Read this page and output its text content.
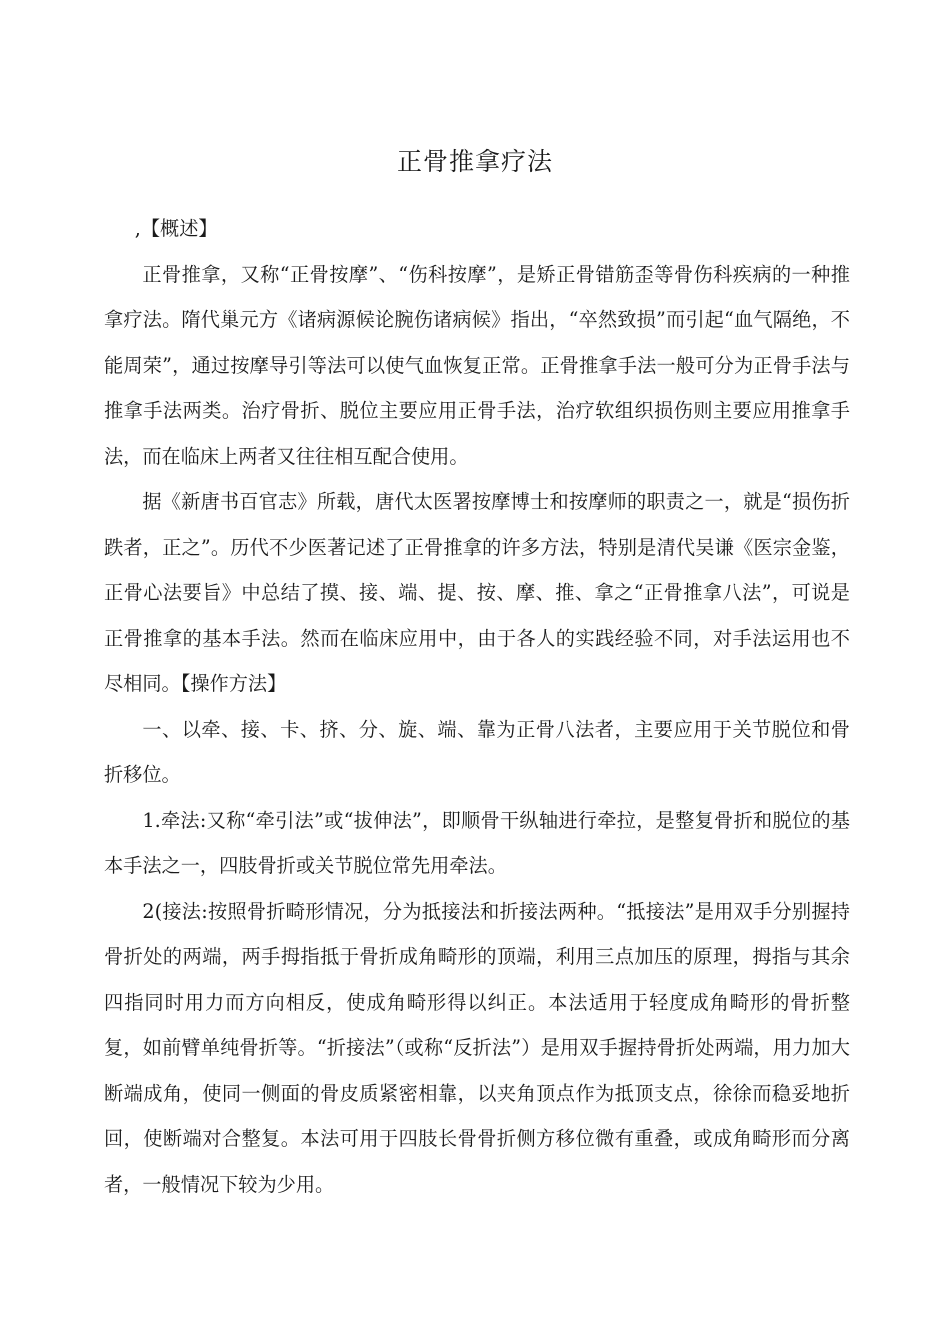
正骨推拿疗法

,【概述】

正骨推拿，又称“正骨按摩”、“伤科按摩”，是矫正骨错筋歪等骨伤科疾病的一种推拿疗法。隋代巢元方《诸病源候论腕伤诸病候》指出，“卒然致损”而引起“血气隔绝，不能周荣”，通过按摩导引等法可以使气血恢复正常。正骨推拿手法一般可分为正骨手法与推拿手法两类。治疗骨折、脱位主要应用正骨手法，治疗软组织损伤则主要应用推拿手法，而在临床上两者又往往相互配合使用。

据《新唐书百官志》所载，唐代太医署按摩博士和按摩师的职责之一，就是“损伤折跌者，正之”。历代不少医著记述了正骨推拿的许多方法，特别是清代吴谦《医宗金鉴，正骨心法要旨》中总结了摸、接、端、提、按、摩、推、拿之“正骨推拿八法”，可说是正骨推拿的基本手法。然而在临床应用中，由于各人的实践经验不同，对手法运用也不尽相同。【操作方法】

一、以牵、接、卡、挤、分、旋、端、靠为正骨八法者，主要应用于关节脱位和骨折移位。

1.牵法:又称“牵引法”或“拔伸法”，即顺骨干纵轴进行牵拉，是整复骨折和脱位的基本手法之一，四肢骨折或关节脱位常先用牵法。

2(接法:按照骨折畸形情况，分为抵接法和折接法两种。“抵接法”是用双手分别握持骨折处的两端，两手拇指抵于骨折成角畸形的顶端，利用三点加压的原理，拇指与其余四指同时用力而方向相反，使成角畸形得以纠正。本法适用于轻度成角畸形的骨折整复，如前臂单纯骨折等。“折接法”（或称“反折法”）是用双手握持骨折处两端，用力加大断端成角，使同一侧面的骨皮质紧密相靠，以夹角顶点作为抵顶支点，徐徐而稳妥地折回，使断端对合整复。本法可用于四肢长骨骨折侧方移位微有重叠，或成角畸形而分离者，一般情况下较为少用。
